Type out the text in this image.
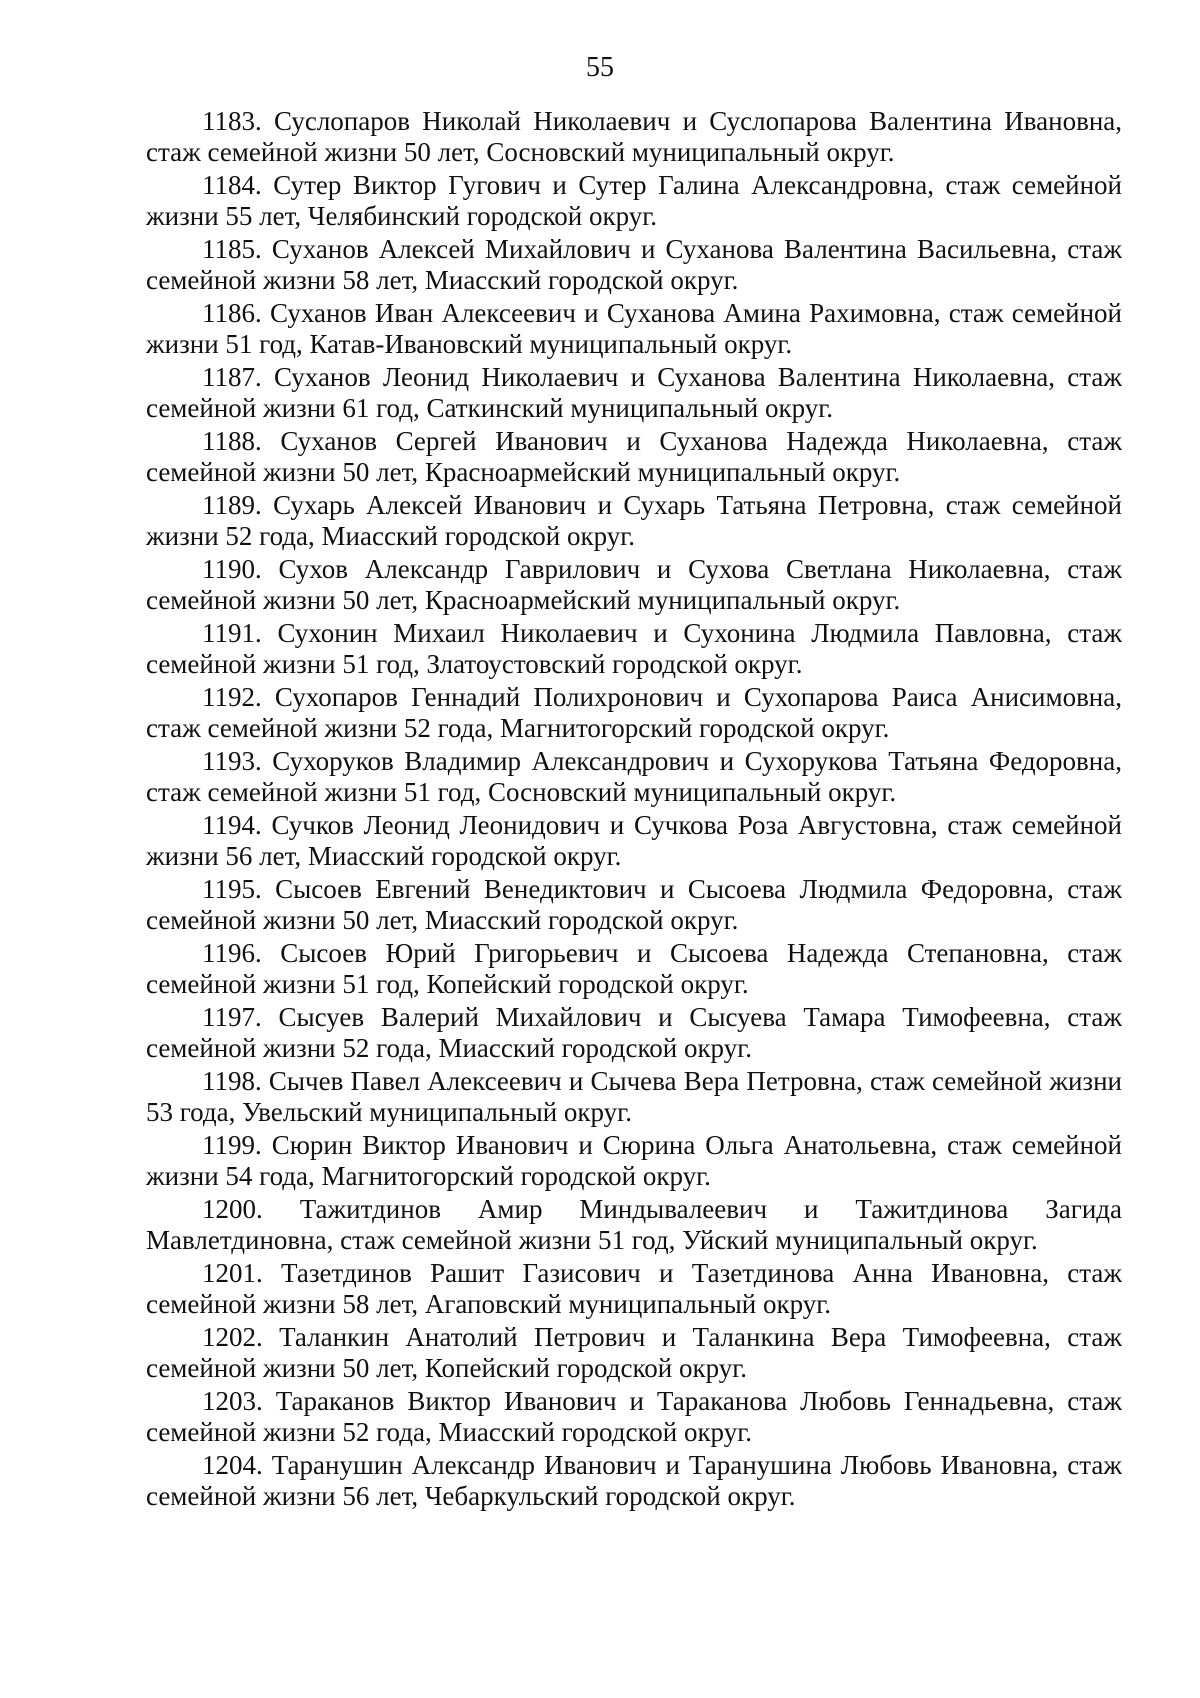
55

1183. Суслопаров Николай Николаевич и Суслопарова Валентина Ивановна, стаж семейной жизни 50 лет, Сосновский муниципальный округ.

1184. Сутер Виктор Гугович и Сутер Галина Александровна, стаж семейной жизни 55 лет, Челябинский городской округ.

1185. Суханов Алексей Михайлович и Суханова Валентина Васильевна, стаж семейной жизни 58 лет, Миасский городской округ.

1186. Суханов Иван Алексеевич и Суханова Амина Рахимовна, стаж семейной жизни 51 год, Катав-Ивановский муниципальный округ.

1187. Суханов Леонид Николаевич и Суханова Валентина Николаевна, стаж семейной жизни 61 год, Саткинский муниципальный округ.

1188. Суханов Сергей Иванович и Суханова Надежда Николаевна, стаж семейной жизни 50 лет, Красноармейский муниципальный округ.

1189. Сухарь Алексей Иванович и Сухарь Татьяна Петровна, стаж семейной жизни 52 года, Миасский городской округ.

1190. Сухов Александр Гаврилович и Сухова Светлана Николаевна, стаж семейной жизни 50 лет, Красноармейский муниципальный округ.

1191. Сухонин Михаил Николаевич и Сухонина Людмила Павловна, стаж семейной жизни 51 год, Златоустовский городской округ.

1192. Сухопаров Геннадий Полихронович и Сухопарова Раиса Анисимовна, стаж семейной жизни 52 года, Магнитогорский городской округ.

1193. Сухоруков Владимир Александрович и Сухорукова Татьяна Федоровна, стаж семейной жизни 51 год, Сосновский муниципальный округ.

1194. Сучков Леонид Леонидович и Сучкова Роза Августовна, стаж семейной жизни 56 лет, Миасский городской округ.

1195. Сысоев Евгений Венедиктович и Сысоева Людмила Федоровна, стаж семейной жизни 50 лет, Миасский городской округ.

1196. Сысоев Юрий Григорьевич и Сысоева Надежда Степановна, стаж семейной жизни 51 год, Копейский городской округ.

1197. Сысуев Валерий Михайлович и Сысуева Тамара Тимофеевна, стаж семейной жизни 52 года, Миасский городской округ.

1198. Сычев Павел Алексеевич и Сычева Вера Петровна, стаж семейной жизни 53 года, Увельский муниципальный округ.

1199. Сюрин Виктор Иванович и Сюрина Ольга Анатольевна, стаж семейной жизни 54 года, Магнитогорский городской округ.

1200. Тажитдинов Амир Миндывалеевич и Тажитдинова Загида Мавлетдиновна, стаж семейной жизни 51 год, Уйский муниципальный округ.

1201. Тазетдинов Рашит Газисович и Тазетдинова Анна Ивановна, стаж семейной жизни 58 лет, Агаповский муниципальный округ.

1202. Таланкин Анатолий Петрович и Таланкина Вера Тимофеевна, стаж семейной жизни 50 лет, Копейский городской округ.

1203. Тараканов Виктор Иванович и Тараканова Любовь Геннадьевна, стаж семейной жизни 52 года, Миасский городской округ.

1204. Таранушин Александр Иванович и Таранушина Любовь Ивановна, стаж семейной жизни 56 лет, Чебаркульский городской округ.
